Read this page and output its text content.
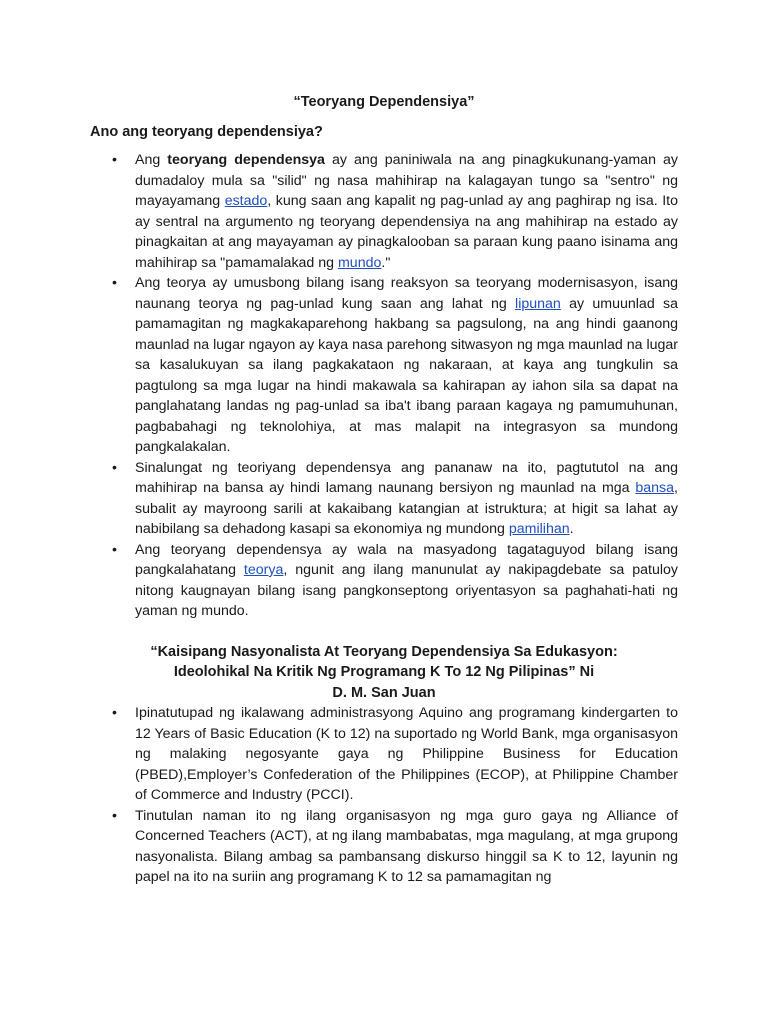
“Teoryang Dependensiya”
Ano ang teoryang dependensiya?
• Ang teoryang dependensya ay ang paniniwala na ang pinagkukunang-yaman ay dumadaloy mula sa "silid" ng nasa mahihirap na kalagayan tungo sa "sentro" ng mayayamang estado, kung saan ang kapalit ng pag-unlad ay ang paghirap ng isa. Ito ay sentral na argumento ng teoryang dependensiya na ang mahihirap na estado ay pinagkaitan at ang mayayaman ay pinagkalooban sa paraan kung paano isinama ang mahihirap sa "pamamalakad ng mundo."
• Ang teorya ay umusbong bilang isang reaksyon sa teoryang modernisasyon, isang naunang teorya ng pag-unlad kung saan ang lahat ng lipunan ay umuunlad sa pamamagitan ng magkakaparehong hakbang sa pagsulong, na ang hindi gaanong maunlad na lugar ngayon ay kaya nasa parehong sitwasyon ng mga maunlad na lugar sa kasalukuyan sa ilang pagkakataon ng nakaraan, at kaya ang tungkulin sa pagtulong sa mga lugar na hindi makawala sa kahirapan ay iahon sila sa dapat na panglahatang landas ng pag-unlad sa iba't ibang paraan kagaya ng pamumuhunan, pagbabahagi ng teknolohiya, at mas malapit na integrasyon sa mundong pangkalakalan.
• Sinalungat ng teoriyang dependensya ang pananaw na ito, pagtututol na ang mahihirap na bansa ay hindi lamang naunang bersiyon ng maunlad na mga bansa, subalit ay mayroong sarili at kakaibang katangian at istruktura; at higit sa lahat ay nabibilang sa dehadong kasapi sa ekonomiya ng mundong pamilihan.
• Ang teoryang dependensya ay wala na masyadong tagataguyod bilang isang pangkalahatang teorya, ngunit ang ilang manunulat ay nakipagdebate sa patuloy nitong kaugnayan bilang isang pangkonseptong oriyentasyon sa paghahati-hati ng yaman ng mundo.
“Kaisipang Nasyonalista At Teoryang Dependensiya Sa Edukasyon:
Ideolohikal Na Kritik Ng Programang K To 12 Ng Pilipinas” Ni
D. M. San Juan
• Ipinatutupad ng ikalawang administrasyong Aquino ang programang kindergarten to 12 Years of Basic Education (K to 12) na suportado ng World Bank, mga organisasyon ng malaking negosyante gaya ng Philippine Business for Education (PBED),Employer’s Confederation of the Philippines (ECOP), at Philippine Chamber of Commerce and Industry (PCCI).
• Tinutulan naman ito ng ilang organisasyon ng mga guro gaya ng Alliance of Concerned Teachers (ACT), at ng ilang mambabatas, mga magulang, at mga grupong nasyonalista. Bilang ambag sa pambansang diskurso hinggil sa K to 12, layunin ng papel na ito na suriin ang programang K to 12 sa pamamagitan ng
